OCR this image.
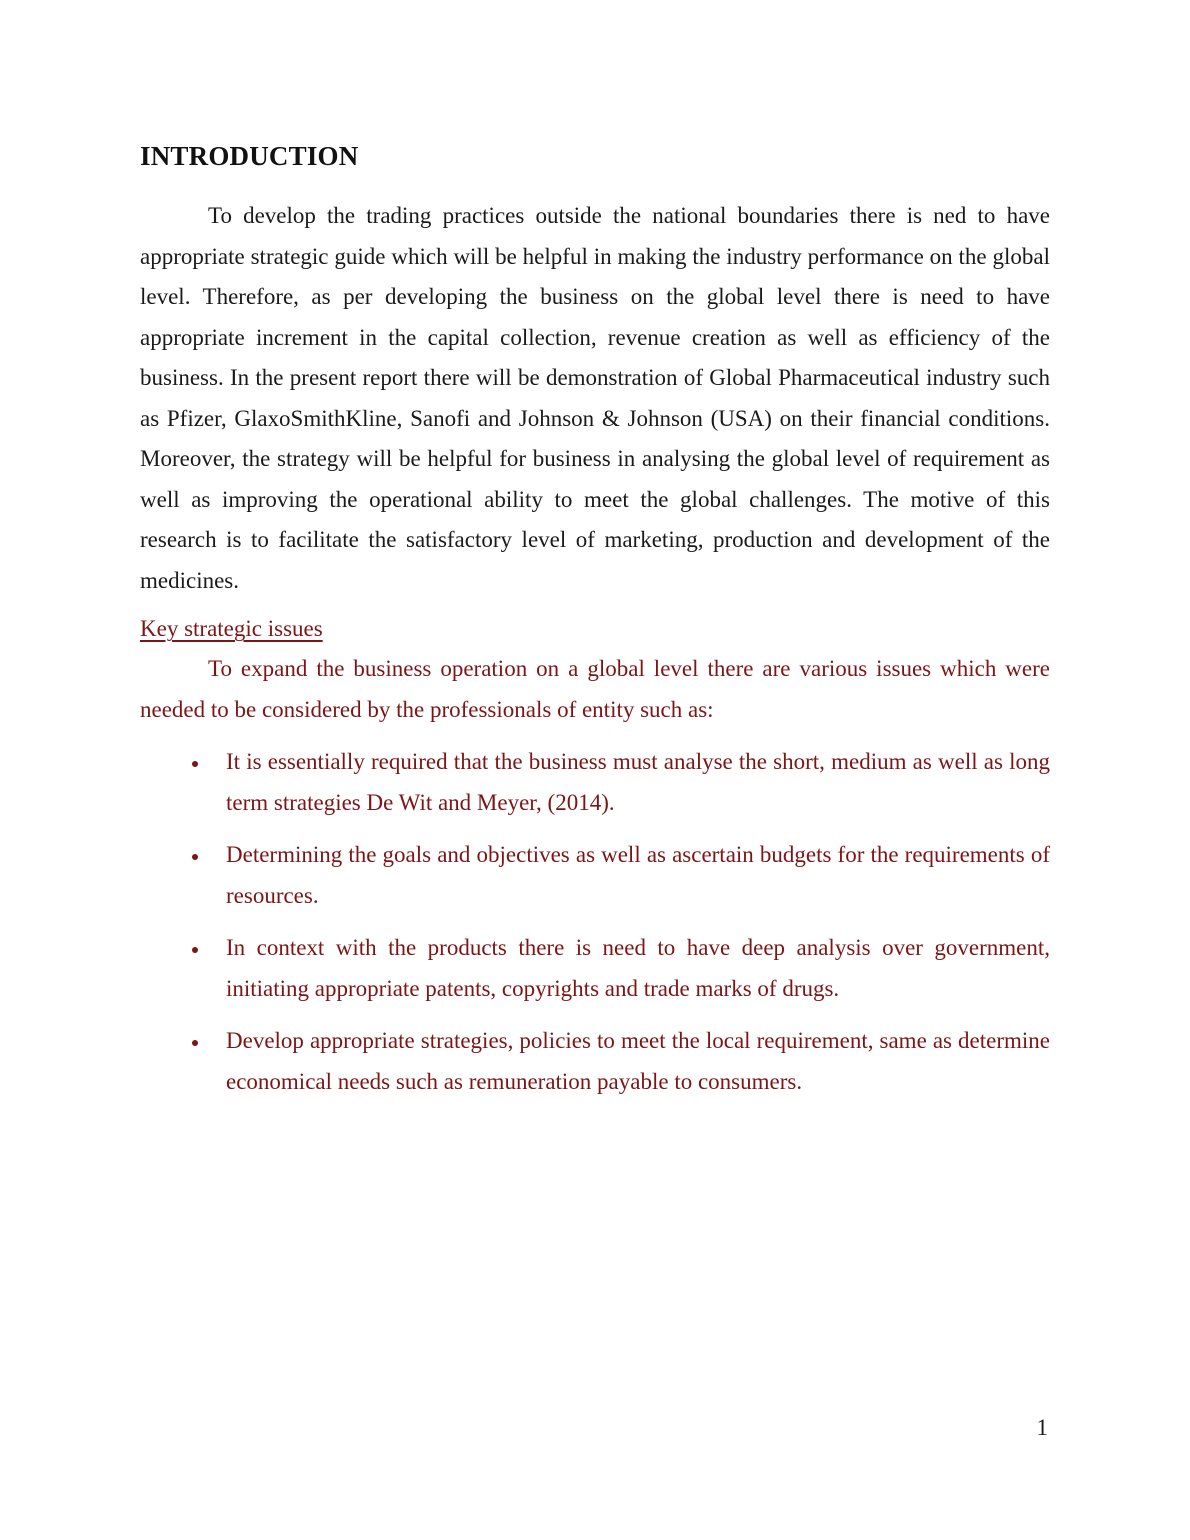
INTRODUCTION

To develop the trading practices outside the national boundaries there is ned to have appropriate strategic guide which will be helpful in making the industry performance on the global level. Therefore, as per developing the business on the global level there is need to have appropriate increment in the capital collection, revenue creation as well as efficiency of the business. In the present report there will be demonstration of Global Pharmaceutical industry such as Pfizer, GlaxoSmithKline, Sanofi and Johnson & Johnson (USA) on their financial conditions. Moreover, the strategy will be helpful for business in analysing the global level of requirement as well as improving the operational ability to meet the global challenges. The motive of this research is to facilitate the satisfactory level of marketing, production and development of the medicines.

Key strategic issues

To expand the business operation on a global level there are various issues which were needed to be considered by the professionals of entity such as:

• It is essentially required that the business must analyse the short, medium as well as long term strategies De Wit and Meyer, (2014).
• Determining the goals and objectives as well as ascertain budgets for the requirements of resources.
• In context with the products there is need to have deep analysis over government, initiating appropriate patents, copyrights and trade marks of drugs.
• Develop appropriate strategies, policies to meet the local requirement, same as determine economical needs such as remuneration payable to consumers.
1
